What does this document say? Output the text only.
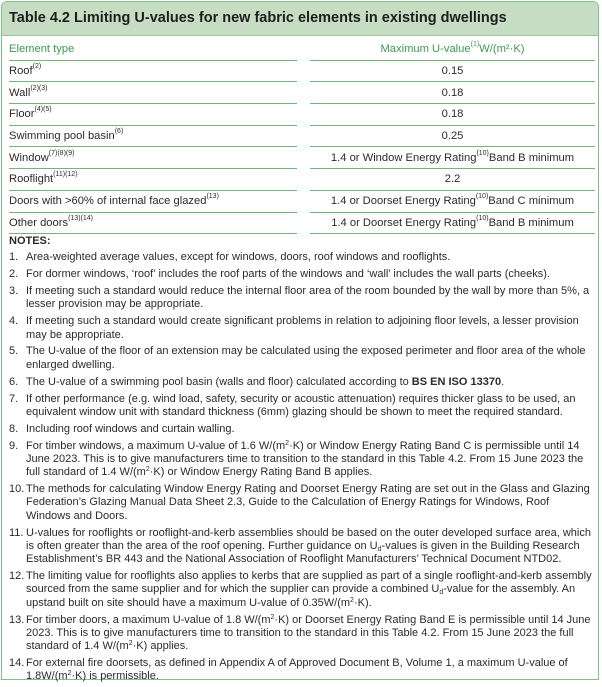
Table 4.2 Limiting U-values for new fabric elements in existing dwellings
Element type	Maximum U-value$^{(1)}$ W/(m²·K)
Roof$^{(2)}$	0.15
Wall$^{(2)(3)}$	0.18
Floor$^{(4)(5)}$	0.18
Swimming pool basin$^{(6)}$	0.25
Window$^{(7)(8)(9)}$	1.4 or Window Energy Rating$^{(10)}$ Band B minimum
Rooflight$^{(11)(12)}$	2.2
Doors with >60% of internal face glazed$^{(13)}$	1.4 or Doorset Energy Rating$^{(10)}$ Band C minimum
Other doors$^{(13)(14)}$	1.4 or Doorset Energy Rating$^{(10)}$ Band B minimum
NOTES:
1. Area-weighted average values, except for windows, doors, roof windows and rooflights.
2. For dormer windows, ‘roof’ includes the roof parts of the windows and ‘wall’ includes the wall parts (cheeks).
3. If meeting such a standard would reduce the internal floor area of the room bounded by the wall by more than 5%, a lesser provision may be appropriate.
4. If meeting such a standard would create significant problems in relation to adjoining floor levels, a lesser provision may be appropriate.
5. The U-value of the floor of an extension may be calculated using the exposed perimeter and floor area of the whole enlarged dwelling.
6. The U-value of a swimming pool basin (walls and floor) calculated according to BS EN ISO 13370.
7. If other performance (e.g. wind load, safety, security or acoustic attenuation) requires thicker glass to be used, an equivalent window unit with standard thickness (6mm) glazing should be shown to meet the required standard.
8. Including roof windows and curtain walling.
9. For timber windows, a maximum U-value of 1.6 $W/(m^2\cdot K)$ or Window Energy Rating Band C is permissible until 14 June 2023. This is to give manufacturers time to transition to the standard in this Table 4.2. From 15 June 2023 the full standard of 1.4 $W/(m^2\cdot K)$ or Window Energy Rating Band B applies.
10. The methods for calculating Window Energy Rating and Doorset Energy Rating are set out in the Glass and Glazing Federation’s Glazing Manual Data Sheet 2.3, Guide to the Calculation of Energy Ratings for Windows, Roof Windows and Doors.
11. U-values for rooflights or rooflight-and-kerb assemblies should be based on the outer developed surface area, which is often greater than the area of the roof opening. Further guidance on $U_d$-values is given in the Building Research Establishment’s BR 443 and the National Association of Rooflight Manufacturers’ Technical Document NTD02.
12. The limiting value for rooflights also applies to kerbs that are supplied as part of a single rooflight-and-kerb assembly sourced from the same supplier and for which the supplier can provide a combined $U_d$-value for the assembly. An upstand built on site should have a maximum U-value of $0.35W/(m^2\cdot K)$.
13. For timber doors, a maximum U-value of 1.8 $W/(m^2\cdot K)$ or Doorset Energy Rating Band E is permissible until 14 June 2023. This is to give manufacturers time to transition to the standard in this Table 4.2. From 15 June 2023 the full standard of 1.4 $W/(m^2\cdot K)$ applies.
14. For external fire doorsets, as defined in Appendix A of Approved Document B, Volume 1, a maximum U-value of $1.8W/(m^2\cdot K)$ is permissible.
